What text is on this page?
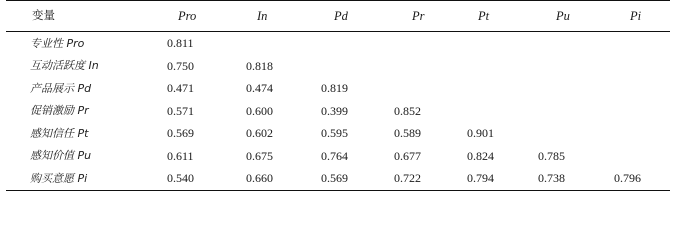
变量	Pro	In	Pd	Pr	Pt	Pu	Pi
专业性 Pro	0.811						
互动活跃度 In	0.750	0.818					
产品展示 Pd	0.471	0.474	0.819				
促销激励 Pr	0.571	0.600	0.399	0.852			
感知信任 Pt	0.569	0.602	0.595	0.589	0.901		
感知价值 Pu	0.611	0.675	0.764	0.677	0.824	0.785	
购买意愿 Pi	0.540	0.660	0.569	0.722	0.794	0.738	0.796
